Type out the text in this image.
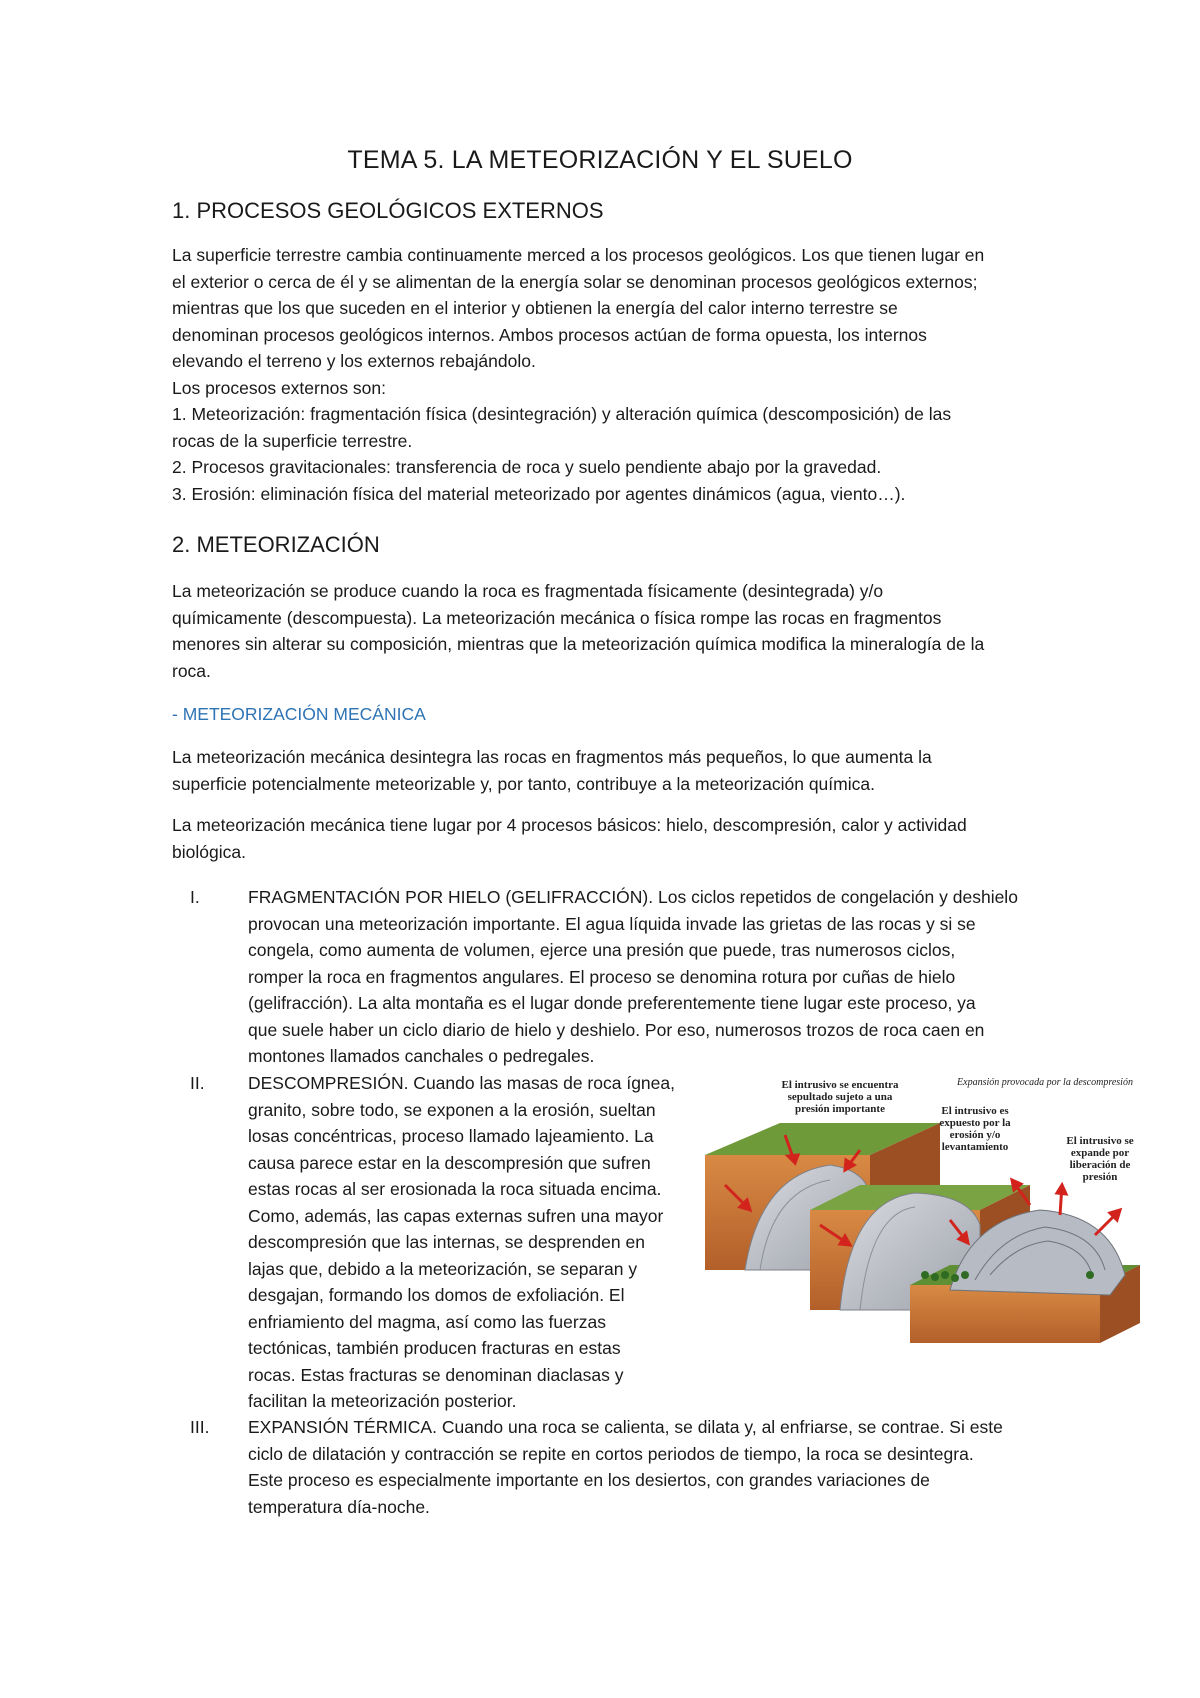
TEMA 5. LA METEORIZACIÓN Y EL SUELO
1. PROCESOS GEOLÓGICOS EXTERNOS

La superficie terrestre cambia continuamente merced a los procesos geológicos. Los que tienen lugar en

el exterior o cerca de él y se alimentan de la energía solar se denominan procesos geológicos externos;

mientras que los que suceden en el interior y obtienen la energía del calor interno terrestre se

denominan procesos geológicos internos. Ambos procesos actúan de forma opuesta, los internos

elevando el terreno y los externos rebajándolo.

Los procesos externos son:

1. Meteorización: fragmentación física (desintegración) y alteración química (descomposición) de las

rocas de la superficie terrestre.

2. Procesos gravitacionales: transferencia de roca y suelo pendiente abajo por la gravedad.

3. Erosión: eliminación física del material meteorizado por agentes dinámicos (agua, viento…).

2. METEORIZACIÓN

La meteorización se produce cuando la roca es fragmentada físicamente (desintegrada) y/o

químicamente (descompuesta). La meteorización mecánica o física rompe las rocas en fragmentos

menores sin alterar su composición, mientras que la meteorización química modifica la mineralogía de la

roca.

- METEORIZACIÓN MECÁNICA

La meteorización mecánica desintegra las rocas en fragmentos más pequeños, lo que aumenta la

superficie potencialmente meteorizable y, por tanto, contribuye a la meteorización química.

La meteorización mecánica tiene lugar por 4 procesos básicos: hielo, descompresión, calor y actividad

biológica.

I.	FRAGMENTACIÓN POR HIELO (GELIFRACCIÓN). Los ciclos repetidos de congelación y deshielo
provocan una meteorización importante. El agua líquida invade las grietas de las rocas y si se
congela, como aumenta de volumen, ejerce una presión que puede, tras numerosos ciclos,
romper la roca en fragmentos angulares. El proceso se denomina rotura por cuñas de hielo
(gelifracción). La alta montaña es el lugar donde preferentemente tiene lugar este proceso, ya
que suele haber un ciclo diario de hielo y deshielo. Por eso, numerosos trozos de roca caen en
montones llamados canchales o pedregales.
II.	DESCOMPRESIÓN. Cuando las masas de roca ígnea,
granito, sobre todo, se exponen a la erosión, sueltan
losas concéntricas, proceso llamado lajeamiento. La
causa parece estar en la descompresión que sufren
estas rocas al ser erosionada la roca situada encima.
Como, además, las capas externas sufren una mayor
descompresión que las internas, se desprenden en
lajas que, debido a la meteorización, se separan y
desgajan, formando los domos de exfoliación. El
enfriamiento del magma, así como las fuerzas
tectónicas, también producen fracturas en estas
rocas. Estas fracturas se denominan diaclasas y
facilitan la meteorización posterior.
III.	EXPANSIÓN TÉRMICA. Cuando una roca se calienta, se dilata y, al enfriarse, se contrae. Si este
ciclo de dilatación y contracción se repite en cortos periodos de tiempo, la roca se desintegra.
Este proceso es especialmente importante en los desiertos, con grandes variaciones de
temperatura día-noche.
Expansión provocada por la descompresión
El intrusivo se encuentra
sepultado sujeto a una
presión importante	El intrusivo es
expuesto por la
erosión y/o
levantamiento	El intrusivo se
expande por
liberación de
presión
